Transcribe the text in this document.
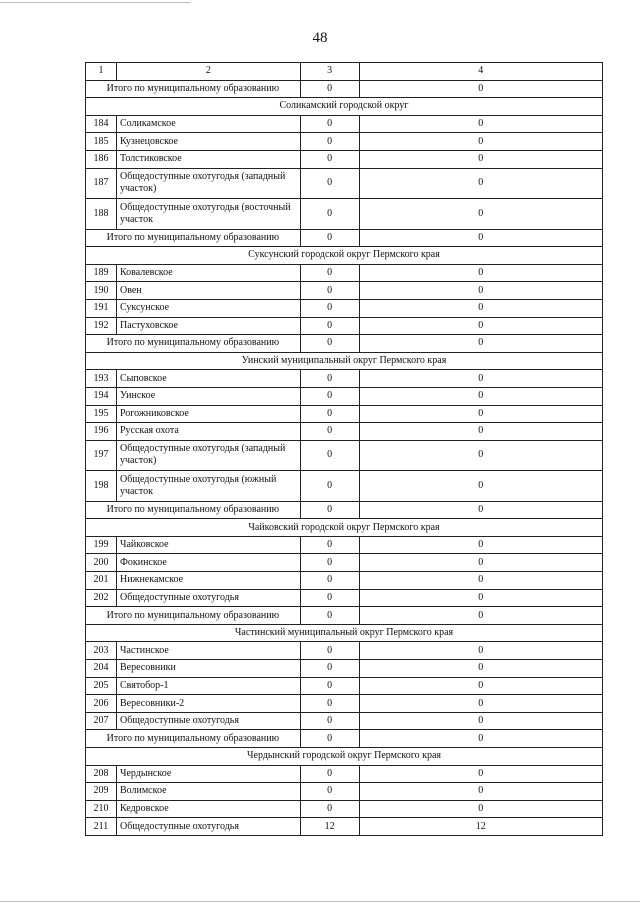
48
1	2	3	4
Итого по муниципальному образованию		0	0
Соликамский городской округ			
184	Соликамское	0	0
185	Кузнецовское	0	0
186	Толстиковское	0	0
187	Общедоступные охотугодья (западный участок)	0	0
188	Общедоступные охотугодья (восточный участок	0	0
Итого по муниципальному образованию		0	0
Суксунский городской округ Пермского края			
189	Ковалевское	0	0
190	Овен	0	0
191	Суксунское	0	0
192	Пастуховское	0	0
Итого по муниципальному образованию		0	0
Уинский муниципальный округ Пермского края			
193	Сыповское	0	0
194	Уинское	0	0
195	Рогожниковское	0	0
196	Русская охота	0	0
197	Общедоступные охотугодья (западный участок)	0	0
198	Общедоступные охотугодья (южный участок	0	0
Итого по муниципальному образованию		0	0
Чайковский городской округ Пермского края			
199	Чайковское	0	0
200	Фокинское	0	0
201	Нижнекамское	0	0
202	Общедоступные охотугодья	0	0
Итого по муниципальному образованию		0	0
Частинский муниципальный округ Пермского края			
203	Частинское	0	0
204	Вересовники	0	0
205	Святобор-1	0	0
206	Вересовники-2	0	0
207	Общедоступные охотугодья	0	0
Итого по муниципальному образованию		0	0
Чердынский городской округ Пермского края			
208	Чердынское	0	0
209	Волимское	0	0
210	Кедровское	0	0
211	Общедоступные охотугодья	12	12
